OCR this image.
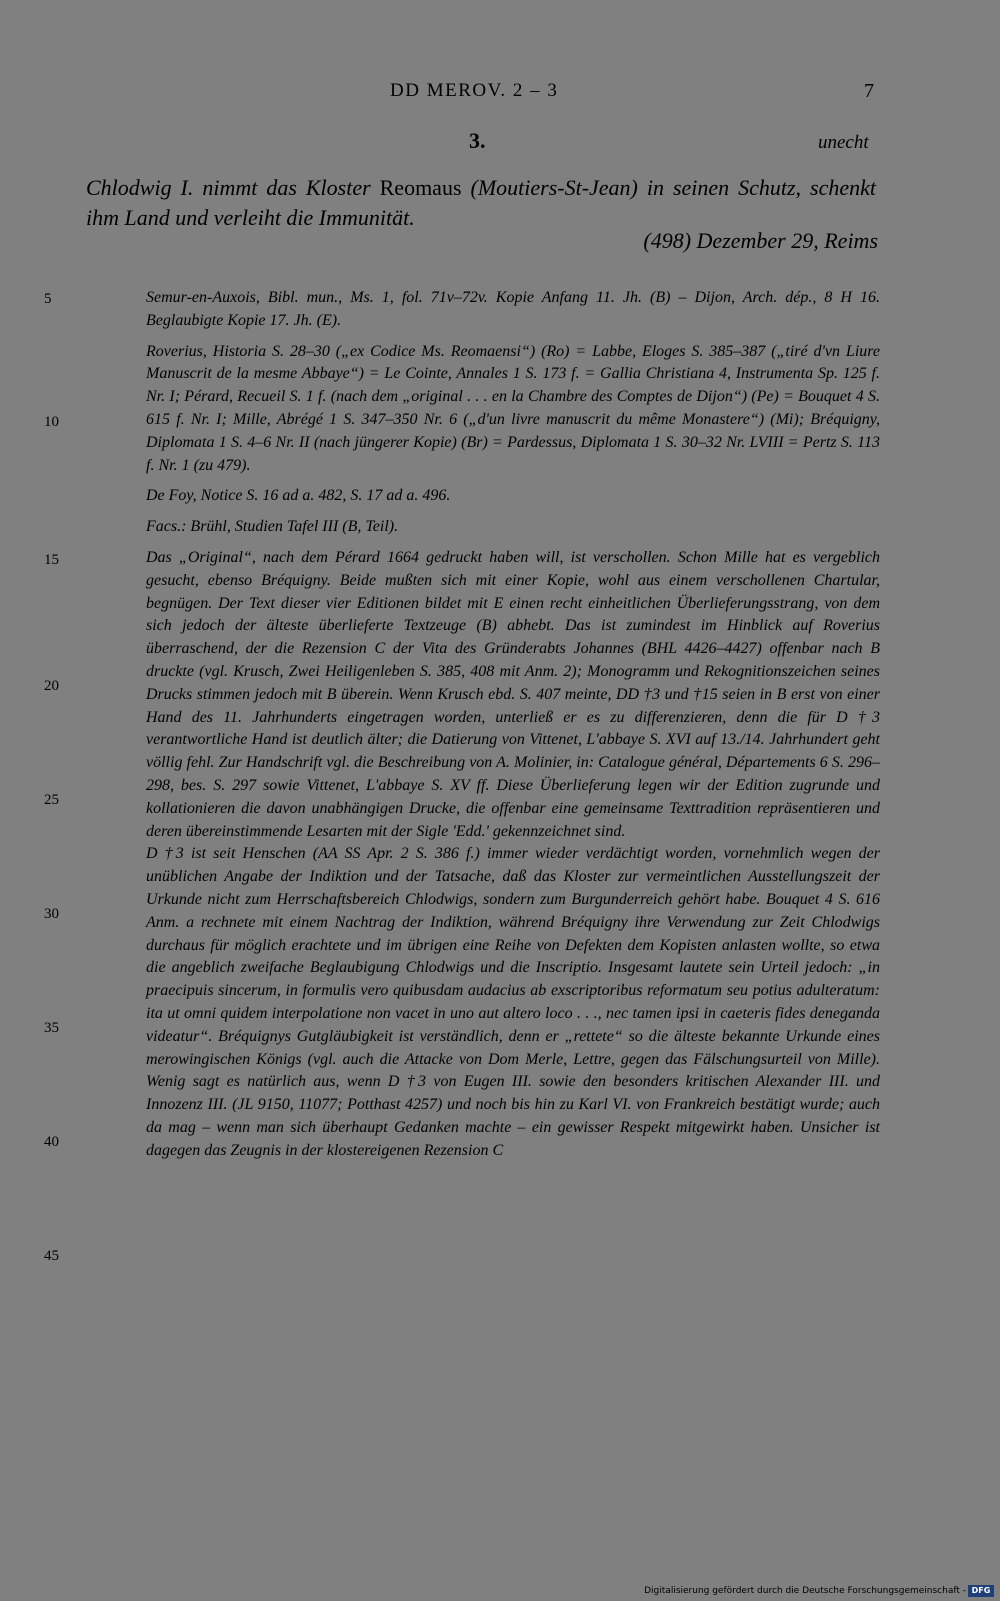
DD MEROV. 2 – 3	7
3.	unecht

Chlodwig I. nimmt das Kloster Reomaus (Moutiers-St-Jean) in seinen Schutz, schenkt ihm Land und verleiht die Immunität.

(498) Dezember 29, Reims
5
10
15
20
25
30
35
40
45

Semur-en-Auxois, Bibl. mun., Ms. 1, fol. 71v–72v. Kopie Anfang 11. Jh. (B) – Dijon, Arch. dép., 8 H 16. Beglaubigte Kopie 17. Jh. (E).

Roverius, Historia S. 28–30 („ex Codice Ms. Reomaensi“) (Ro) = Labbe, Eloges S. 385–387 („tiré d'vn Liure Manuscrit de la mesme Abbaye“) = Le Cointe, Annales 1 S. 173 f. = Gallia Christiana 4, Instrumenta Sp. 125 f. Nr. I; Pérard, Recueil S. 1 f. (nach dem „original . . . en la Chambre des Comptes de Dijon“) (Pe) = Bouquet 4 S. 615 f. Nr. I; Mille, Abrégé 1 S. 347–350 Nr. 6 („d'un livre manuscrit du même Monastere“) (Mi); Bréquigny, Diplomata 1 S. 4–6 Nr. II (nach jüngerer Kopie) (Br) = Pardessus, Diplomata 1 S. 30–32 Nr. LVIII = Pertz S. 113 f. Nr. 1 (zu 479).

De Foy, Notice S. 16 ad a. 482, S. 17 ad a. 496.

Facs.: Brühl, Studien Tafel III (B, Teil).

Das „Original“, nach dem Pérard 1664 gedruckt haben will, ist verschollen. Schon Mille hat es vergeblich gesucht, ebenso Bréquigny. Beide mußten sich mit einer Kopie, wohl aus einem verschollenen Chartular, begnügen. Der Text dieser vier Editionen bildet mit E einen recht einheitlichen Überlieferungsstrang, von dem sich jedoch der älteste überlieferte Textzeuge (B) abhebt. Das ist zumindest im Hinblick auf Roverius überraschend, der die Rezension C der Vita des Gründerabts Johannes (BHL 4426–4427) offenbar nach B druckte (vgl. Krusch, Zwei Heiligenleben S. 385, 408 mit Anm. 2); Monogramm und Rekognitionszeichen seines Drucks stimmen jedoch mit B überein. Wenn Krusch ebd. S. 407 meinte, DD †3 und †15 seien in B erst von einer Hand des 11. Jahrhunderts eingetragen worden, unterließ er es zu differenzieren, denn die für D †3 verantwortliche Hand ist deutlich älter; die Datierung von Vittenet, L'abbaye S. XVI auf 13./14. Jahrhundert geht völlig fehl. Zur Handschrift vgl. die Beschreibung von A. Molinier, in: Catalogue général, Départements 6 S. 296–298, bes. S. 297 sowie Vittenet, L'abbaye S. XV ff. Diese Überlieferung legen wir der Edition zugrunde und kollationieren die davon unabhängigen Drucke, die offenbar eine gemeinsame Texttradition repräsentieren und deren übereinstimmende Lesarten mit der Sigle 'Edd.' gekennzeichnet sind.

D †3 ist seit Henschen (AA SS Apr. 2 S. 386 f.) immer wieder verdächtigt worden, vornehmlich wegen der unüblichen Angabe der Indiktion und der Tatsache, daß das Kloster zur vermeintlichen Ausstellungszeit der Urkunde nicht zum Herrschaftsbereich Chlodwigs, sondern zum Burgunderreich gehört habe. Bouquet 4 S. 616 Anm. a rechnete mit einem Nachtrag der Indiktion, während Bréquigny ihre Verwendung zur Zeit Chlodwigs durchaus für möglich erachtete und im übrigen eine Reihe von Defekten dem Kopisten anlasten wollte, so etwa die angeblich zweifache Beglaubigung Chlodwigs und die Inscriptio. Insgesamt lautete sein Urteil jedoch: „in praecipuis sincerum, in formulis vero quibusdam audacius ab exscriptoribus reformatum seu potius adulteratum: ita ut omni quidem interpolatione non vacet in uno aut altero loco . . ., nec tamen ipsi in caeteris fides deneganda videatur“. Bréquignys Gutgläubigkeit ist verständlich, denn er „rettete“ so die älteste bekannte Urkunde eines merowingischen Königs (vgl. auch die Attacke von Dom Merle, Lettre, gegen das Fälschungsurteil von Mille). Wenig sagt es natürlich aus, wenn D †3 von Eugen III. sowie den besonders kritischen Alexander III. und Innozenz III. (JL 9150, 11077; Potthast 4257) und noch bis hin zu Karl VI. von Frankreich bestätigt wurde; auch da mag – wenn man sich überhaupt Gedanken machte – ein gewisser Respekt mitgewirkt haben. Unsicher ist dagegen das Zeugnis in der klostereigenen Rezension C

Digitalisierung gefördert durch die Deutsche Forschungsgemeinschaft - DFG
